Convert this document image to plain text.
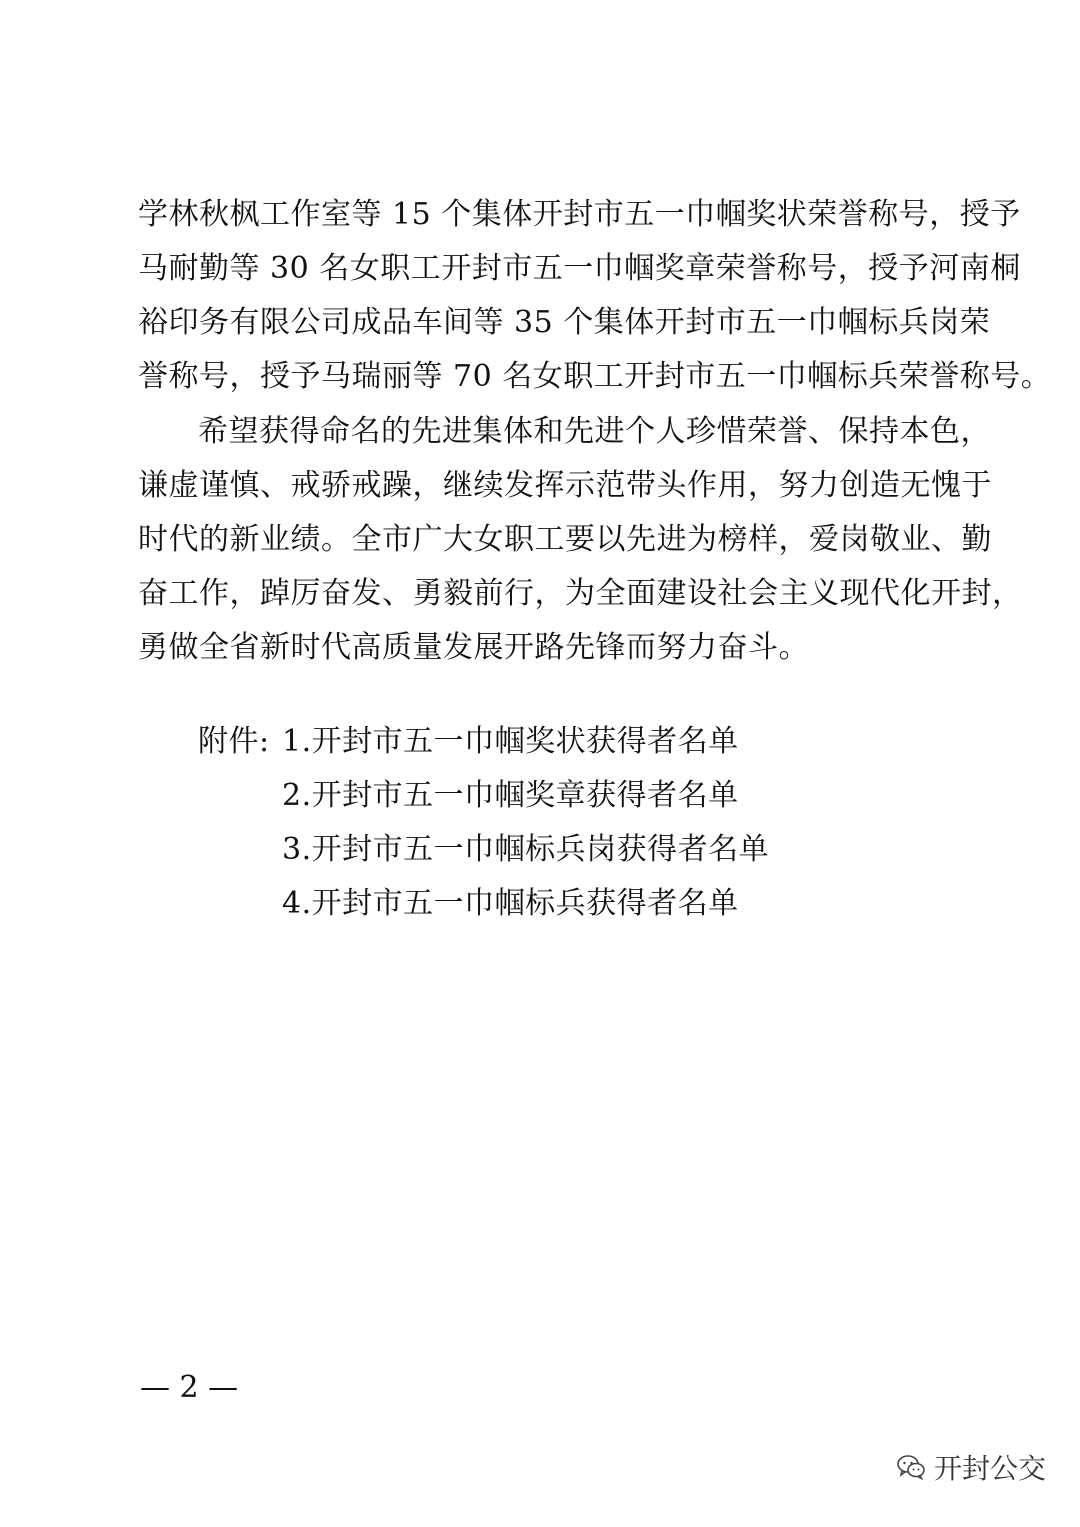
学林秋枫工作室等 15 个集体开封市五一巾帼奖状荣誉称号，授予
马耐勤等 30 名女职工开封市五一巾帼奖章荣誉称号，授予河南桐
裕印务有限公司成品车间等 35 个集体开封市五一巾帼标兵岗荣
誉称号，授予马瑞丽等 70 名女职工开封市五一巾帼标兵荣誉称号。
希望获得命名的先进集体和先进个人珍惜荣誉、保持本色，
谦虚谨慎、戒骄戒躁，继续发挥示范带头作用，努力创造无愧于
时代的新业绩。全市广大女职工要以先进为榜样，爱岗敬业、勤
奋工作，踔厉奋发、勇毅前行，为全面建设社会主义现代化开封，
勇做全省新时代高质量发展开路先锋而努力奋斗。
附件: 1.开封市五一巾帼奖状获得者名单
2.开封市五一巾帼奖章获得者名单
3.开封市五一巾帼标兵岗获得者名单
4.开封市五一巾帼标兵获得者名单
— 2 —
开封公交
